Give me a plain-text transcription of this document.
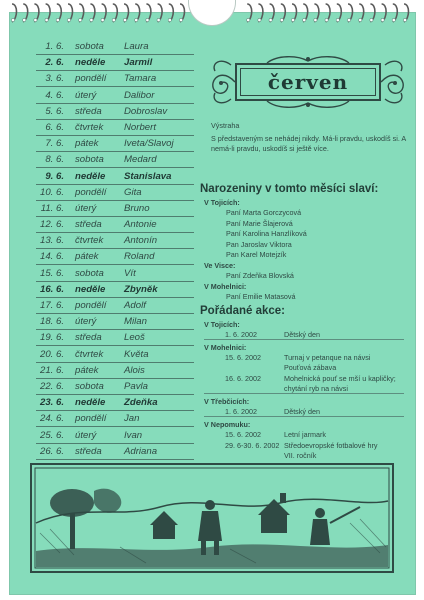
1. 6. sobota Laura
2. 6. neděle Jarmil
3. 6. pondělí Tamara
4. 6. úterý	Dalibor
5. 6. středa Dobroslav
6. 6. čtvrtek Norbert
7. 6. pátek	Iveta/Slavoj
8. 6. sobota Medard
9. 6. neděle Stanislava
10. 6. pondělí Gita
11. 6. úterý	Bruno
12. 6. středa Antonie
13. 6. čtvrtek Antonín
14. 6. pátek	Roland
15. 6. sobota Vít
16. 6. neděle Zbyněk
17. 6. pondělí Adolf
18. 6. úterý	Milan
19. 6. středa Leoš
20. 6. čtvrtek Květa
21. 6. pátek	Alois
22. 6. sobota Pavla
23. 6. neděle Zdeňka
24. 6. pondělí Jan
25. 6. úterý	Ivan
26. 6. středa Adriana
červen
Výstraha
S představeným se nehádej nikdy. Má-li pravdu, uskodíš si. A nemá-li pravdu, uskodíš si ještě více.
Narozeniny v tomto měsíci slaví:
V Tojicích:
Paní Marta Gorczycová
Paní Marie Šlajerová
Paní Karolina Hanzlíková
Pan Jaroslav Viktora
Pan Karel Motejzík
Ve Visce:
Paní Zdeňka Blovská
V Mohelnici:
Paní Emilie Matasová
Pořádané akce:
V Tojicích:
1. 6. 2002	Dětský den
V Mohelnici:
15. 6. 2002	Turnaj v petanque na návsi
Pouťová zábava
16. 6. 2002	Mohelnická pouť se mší u kapličky;
chytání ryb na návsi
V Třebčicích:
1. 6. 2002	Dětský den
V Nepomuku:
15. 6. 2002	Letní jarmark
29. 6-30. 6. 2002 Středoevropské fotbalové hry
VII. ročník
